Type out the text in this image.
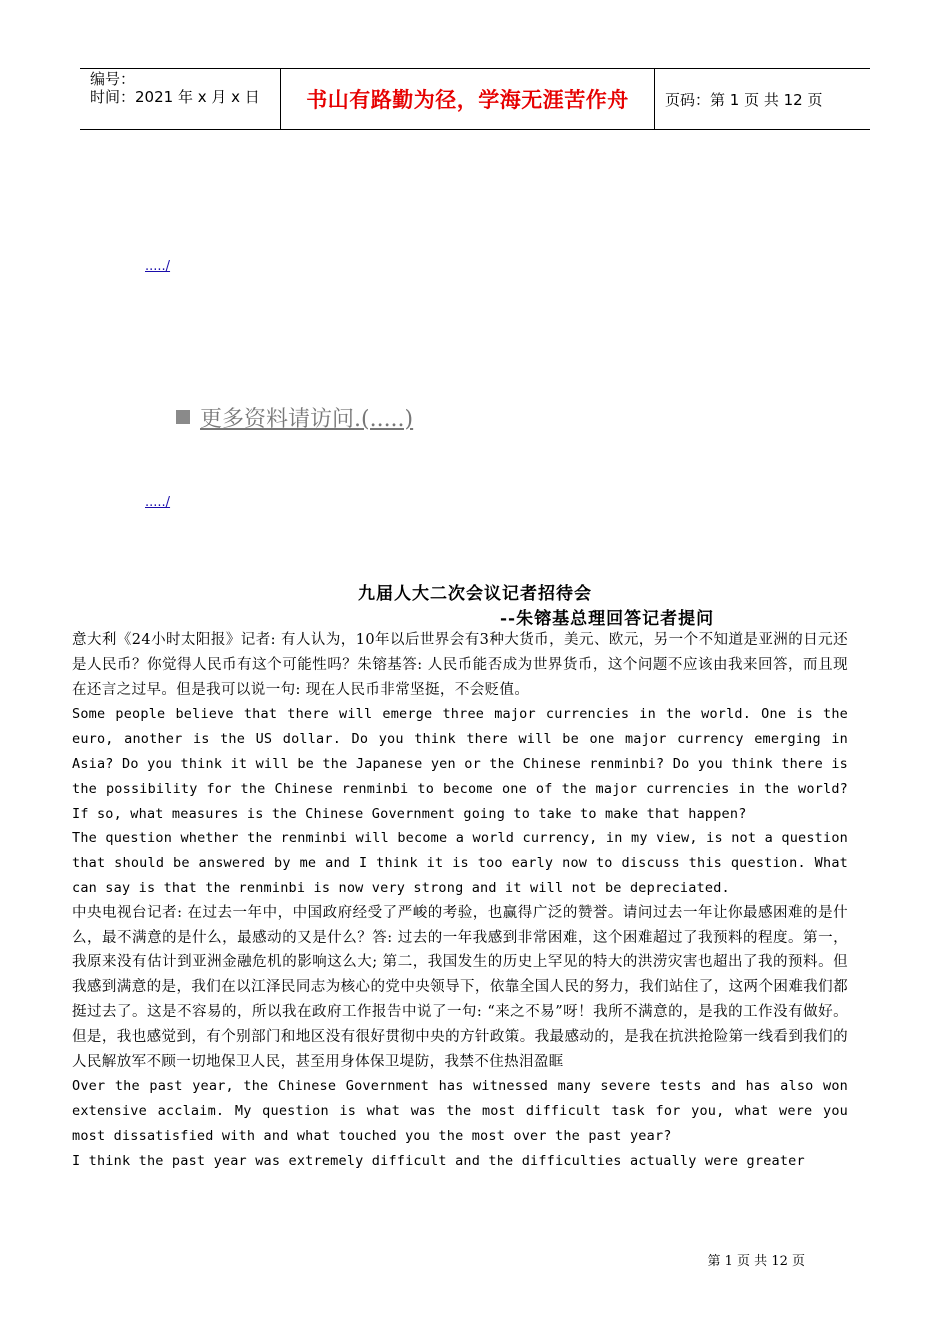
编号：
时间：2021 年 x 月 x 日 书山有路勤为径，学海无涯苦作舟 页码：第 1 页 共 12 页
...../
更多资料请访问.(.....)
...../
九届人大二次会议记者招待会
--朱镕基总理回答记者提问

意大利《24小时太阳报》记者: 有人认为，10年以后世界会有3种大货币，美元、欧元，另一个不知道是亚洲的日元还是人民币？你觉得人民币有这个可能性吗？朱镕基答: 人民币能否成为世界货币，这个问题不应该由我来回答，而且现在还言之过早。但是我可以说一句: 现在人民币非常坚挺，不会贬值。

Some people believe that there will emerge three major currencies in the world. One is the euro, another is the US dollar. Do you think there will be one major currency emerging in Asia? Do you think it will be the Japanese yen or the Chinese renminbi? Do you think there is the possibility for the Chinese renminbi to become one of the major currencies in the world? If so, what measures is the Chinese Government going to take to make that happen?

The question whether the renminbi will become a world currency, in my view, is not a question that should be answered by me and I think it is too early now to discuss this question. What can say is that the renminbi is now very strong and it will not be depreciated.

中央电视台记者: 在过去一年中，中国政府经受了严峻的考验，也赢得广泛的赞誉。请问过去一年让你最感困难的是什么，最不满意的是什么，最感动的又是什么？答: 过去的一年我感到非常困难，这个困难超过了我预料的程度。第一，我原来没有估计到亚洲金融危机的影响这么大; 第二，我国发生的历史上罕见的特大的洪涝灾害也超出了我的预料。但我感到满意的是，我们在以江泽民同志为核心的党中央领导下，依靠全国人民的努力，我们站住了，这两个困难我们都挺过去了。这是不容易的，所以我在政府工作报告中说了一句: “来之不易”呀！我所不满意的，是我的工作没有做好。但是，我也感觉到，有个别部门和地区没有很好贯彻中央的方针政策。我最感动的，是我在抗洪抢险第一线看到我们的人民解放军不顾一切地保卫人民，甚至用身体保卫堤防，我禁不住热泪盈眶

Over the past year, the Chinese Government has witnessed many severe tests and has also won extensive acclaim. My question is what was the most difficult task for you, what were you most dissatisfied with and what touched you the most over the past year?

I think the past year was extremely difficult and the difficulties actually were greater

第 1 页 共 12 页
